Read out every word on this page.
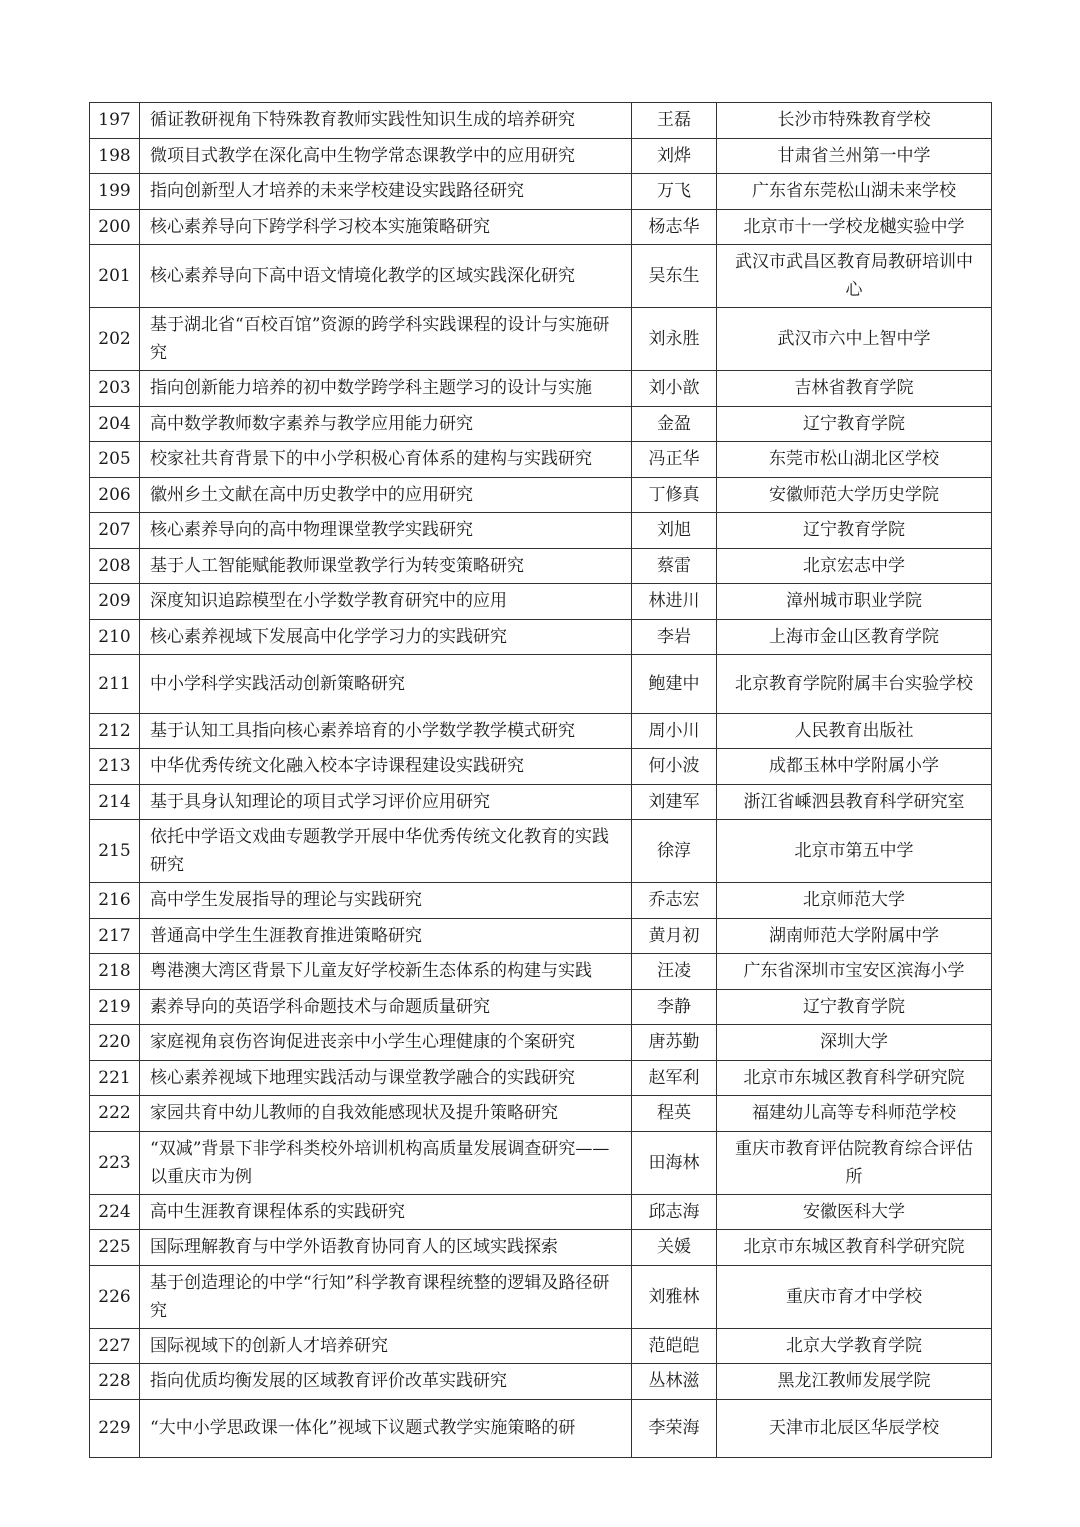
197	循证教研视角下特殊教育教师实践性知识生成的培养研究	王磊	长沙市特殊教育学校
198	微项目式教学在深化高中生物学常态课教学中的应用研究	刘烨	甘肃省兰州第一中学
199	指向创新型人才培养的未来学校建设实践路径研究	万飞	广东省东莞松山湖未来学校
200	核心素养导向下跨学科学习校本实施策略研究	杨志华	北京市十一学校龙樾实验中学
201	核心素养导向下高中语文情境化教学的区域实践深化研究	吴东生	武汉市武昌区教育局教研培训中心
202	基于湖北省“百校百馆”资源的跨学科实践课程的设计与实施研究	刘永胜	武汉市六中上智中学
203	指向创新能力培养的初中数学跨学科主题学习的设计与实施	刘小歆	吉林省教育学院
204	高中数学教师数字素养与教学应用能力研究	金盈	辽宁教育学院
205	校家社共育背景下的中小学积极心育体系的建构与实践研究	冯正华	东莞市松山湖北区学校
206	徽州乡土文献在高中历史教学中的应用研究	丁修真	安徽师范大学历史学院
207	核心素养导向的高中物理课堂教学实践研究	刘旭	辽宁教育学院
208	基于人工智能赋能教师课堂教学行为转变策略研究	蔡雷	北京宏志中学
209	深度知识追踪模型在小学数学教育研究中的应用	林进川	漳州城市职业学院
210	核心素养视域下发展高中化学学习力的实践研究	李岩	上海市金山区教育学院
211	中小学科学实践活动创新策略研究	鲍建中	北京教育学院附属丰台实验学校
212	基于认知工具指向核心素养培育的小学数学教学模式研究	周小川	人民教育出版社
213	中华优秀传统文化融入校本字诗课程建设实践研究	何小波	成都玉林中学附属小学
214	基于具身认知理论的项目式学习评价应用研究	刘建军	浙江省嵊泗县教育科学研究室
215	依托中学语文戏曲专题教学开展中华优秀传统文化教育的实践研究	徐淳	北京市第五中学
216	高中学生发展指导的理论与实践研究	乔志宏	北京师范大学
217	普通高中学生生涯教育推进策略研究	黄月初	湖南师范大学附属中学
218	粤港澳大湾区背景下儿童友好学校新生态体系的构建与实践	汪凌	广东省深圳市宝安区滨海小学
219	素养导向的英语学科命题技术与命题质量研究	李静	辽宁教育学院
220	家庭视角哀伤咨询促进丧亲中小学生心理健康的个案研究	唐苏勤	深圳大学
221	核心素养视域下地理实践活动与课堂教学融合的实践研究	赵军利	北京市东城区教育科学研究院
222	家园共育中幼儿教师的自我效能感现状及提升策略研究	程英	福建幼儿高等专科师范学校
223	“双减”背景下非学科类校外培训机构高质量发展调查研究——以重庆市为例	田海林	重庆市教育评估院教育综合评估所
224	高中生涯教育课程体系的实践研究	邱志海	安徽医科大学
225	国际理解教育与中学外语教育协同育人的区域实践探索	关媛	北京市东城区教育科学研究院
226	基于创造理论的中学“行知”科学教育课程统整的逻辑及路径研究	刘雅林	重庆市育才中学校
227	国际视域下的创新人才培养研究	范皑皑	北京大学教育学院
228	指向优质均衡发展的区域教育评价改革实践研究	丛林滋	黑龙江教师发展学院
229	“大中小学思政课一体化”视域下议题式教学实施策略的研	李荣海	天津市北辰区华辰学校
